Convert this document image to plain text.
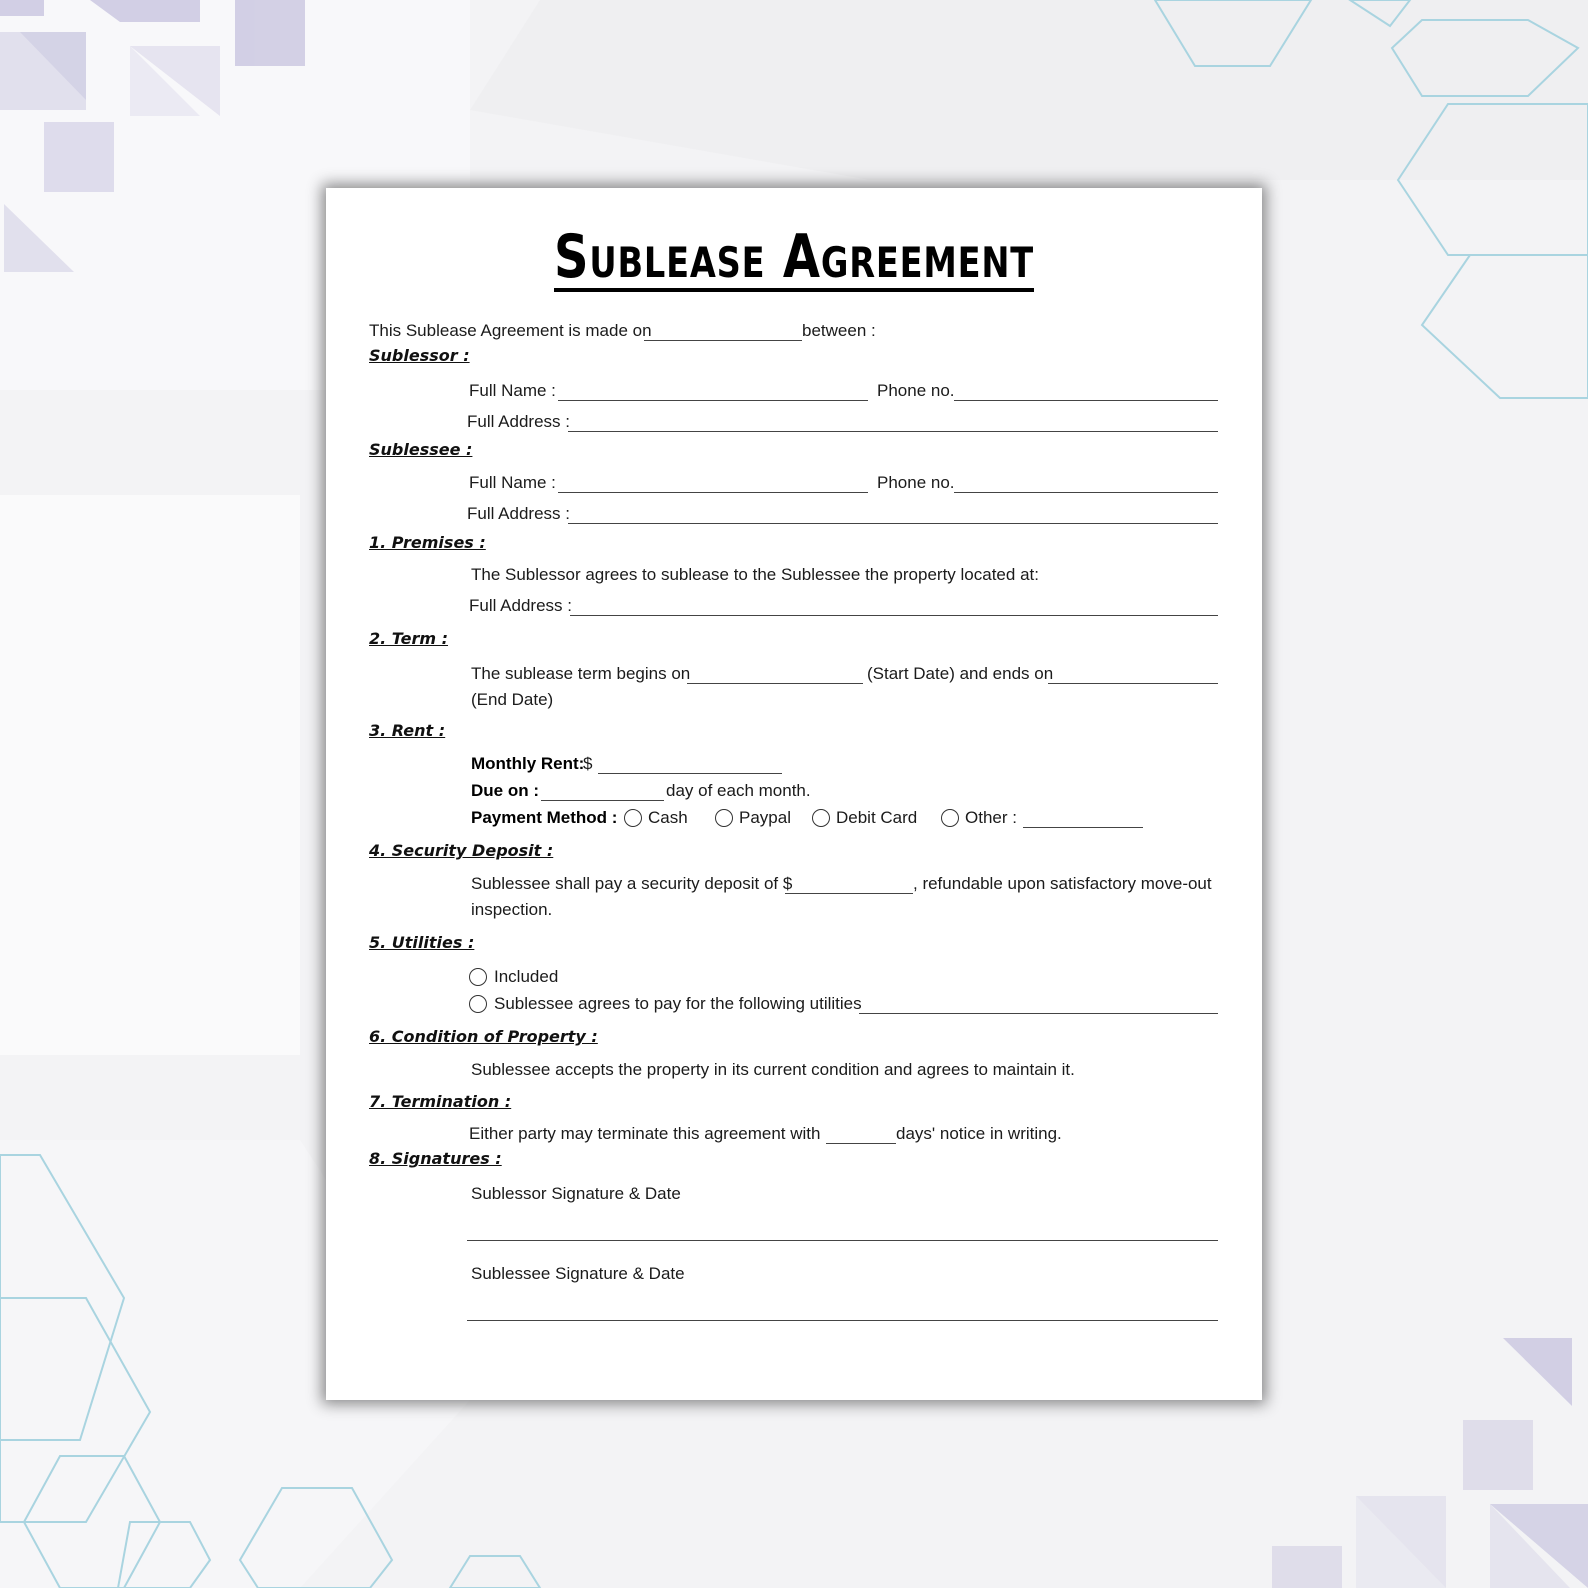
Sublease Agreement
This Sublease Agreement is made on	between :
Sublessor :
Full Name :	Phone no.
Full Address :
Sublessee :
Full Name :	Phone no.
Full Address :
1. Premises :
The Sublessor agrees to sublease to the Sublessee the property located at:
Full Address :
2. Term :
The sublease term begins on	(Start Date) and ends on
(End Date)
3. Rent :
Monthly Rent:
$
Due on :	day of each month.
Payment Method : Cash	Paypal	Debit Card	Other :
4. Security Deposit :
Sublessee shall pay a security deposit of $	, refundable upon satisfactory move-out
inspection.
5. Utilities :
Included
Sublessee agrees to pay for the following utilities
6. Condition of Property :
Sublessee accepts the property in its current condition and agrees to maintain it.
7. Termination :
Either party may terminate this agreement with	days' notice in writing.
8. Signatures :
Sublessor Signature & Date
Sublessee Signature & Date
